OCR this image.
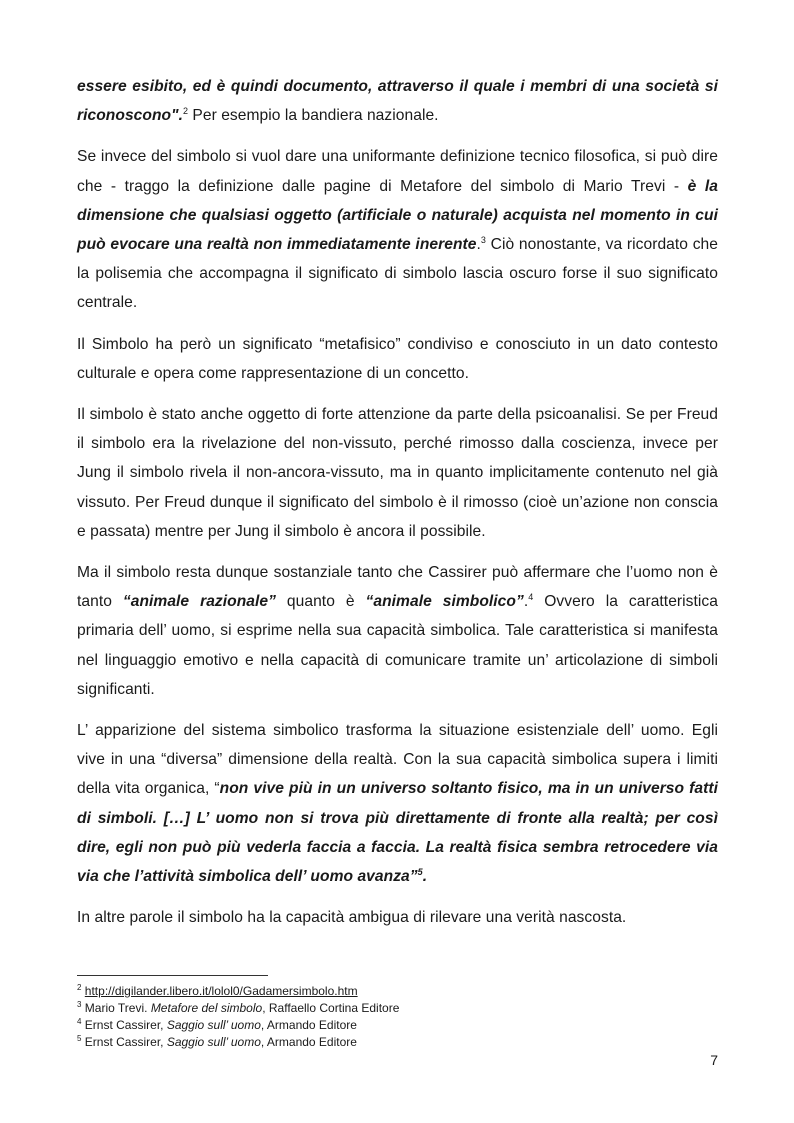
essere esibito, ed è quindi documento, attraverso il quale i membri di una società si riconoscono".$^2$ Per esempio la bandiera nazionale.

Se invece del simbolo si vuol dare una uniformante definizione tecnico filosofica, si può dire che - traggo la definizione dalle pagine di Metafore del simbolo di Mario Trevi - è la dimensione che qualsiasi oggetto (artificiale o naturale) acquista nel momento in cui può evocare una realtà non immediatamente inerente.$^3$ Ciò nonostante, va ricordato che la polisemia che accompagna il significato di simbolo lascia oscuro forse il suo significato centrale.

Il Simbolo ha però un significato “metafisico” condiviso e conosciuto in un dato contesto culturale e opera come rappresentazione di un concetto.

Il simbolo è stato anche oggetto di forte attenzione da parte della psicoanalisi. Se per Freud il simbolo era la rivelazione del non-vissuto, perché rimosso dalla coscienza, invece per Jung il simbolo rivela il non-ancora-vissuto, ma in quanto implicitamente contenuto nel già vissuto. Per Freud dunque il significato del simbolo è il rimosso (cioè un’azione non conscia e passata) mentre per Jung il simbolo è ancora il possibile.

Ma il simbolo resta dunque sostanziale tanto che Cassirer può affermare che l’uomo non è tanto “animale razionale” quanto è “animale simbolico”.$^4$ Ovvero la caratteristica primaria dell’ uomo, si esprime nella sua capacità simbolica. Tale caratteristica si manifesta nel linguaggio emotivo e nella capacità di comunicare tramite un’ articolazione di simboli significanti.

L’ apparizione del sistema simbolico trasforma la situazione esistenziale dell’ uomo. Egli vive in una “diversa” dimensione della realtà. Con la sua capacità simbolica supera i limiti della vita organica, “non vive più in un universo soltanto fisico, ma in un universo fatti di simboli. […] L’ uomo non si trova più direttamente di fronte alla realtà; per così dire, egli non può più vederla faccia a faccia. La realtà fisica sembra retrocedere via via che l’attività simbolica dell’ uomo avanza”$^5$.

In altre parole il simbolo ha la capacità ambigua di rilevare una verità nascosta.

$^2$ http://digilander.libero.it/lolol0/Gadamersimbolo.htm
$^3$ Mario Trevi. Metafore del simbolo, Raffaello Cortina Editore
$^4$ Ernst Cassirer, Saggio sull’ uomo, Armando Editore
$^5$ Ernst Cassirer, Saggio sull’ uomo, Armando Editore
7
